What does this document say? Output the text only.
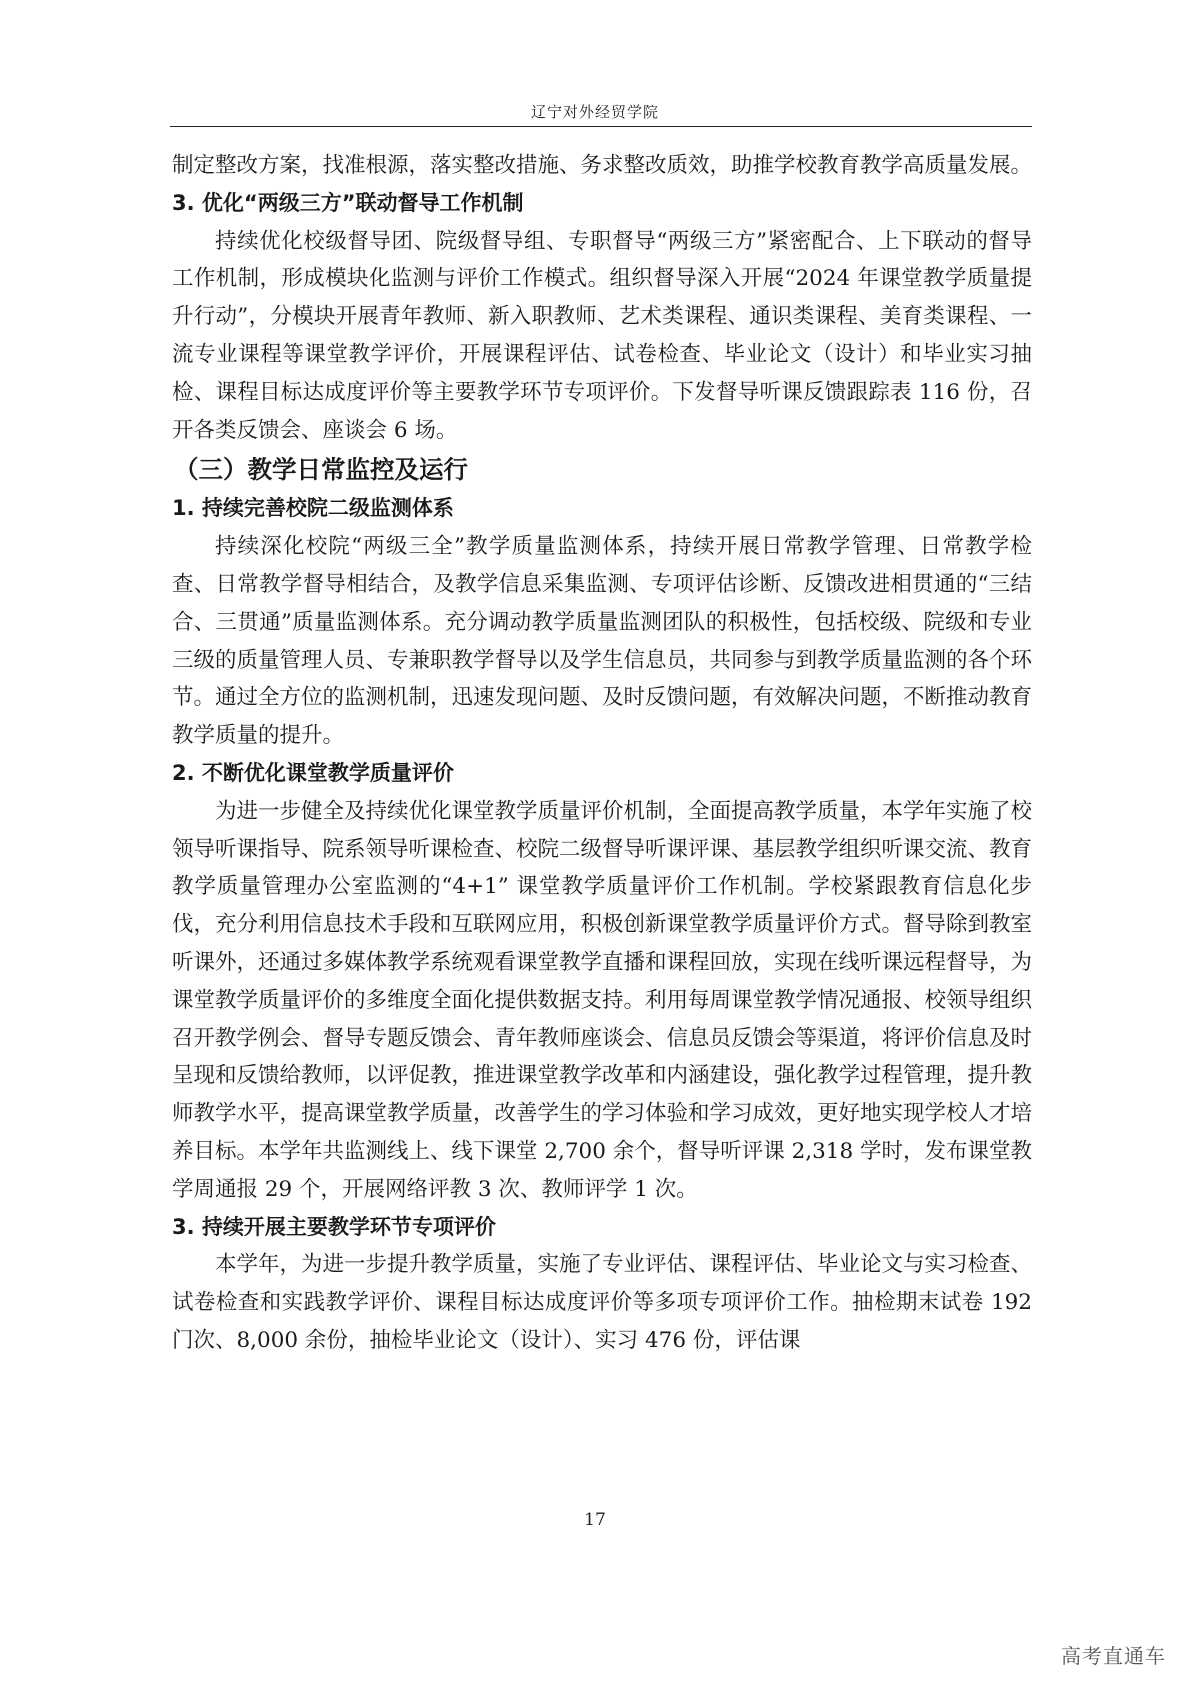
辽宁对外经贸学院

制定整改方案，找准根源，落实整改措施、务求整改质效，助推学校教育教学高质量发展。

3. 优化“两级三方”联动督导工作机制

持续优化校级督导团、院级督导组、专职督导“两级三方”紧密配合、上下联动的督导工作机制，形成模块化监测与评价工作模式。组织督导深入开展“2024 年课堂教学质量提升行动”，分模块开展青年教师、新入职教师、艺术类课程、通识类课程、美育类课程、一流专业课程等课堂教学评价，开展课程评估、试卷检查、毕业论文（设计）和毕业实习抽检、课程目标达成度评价等主要教学环节专项评价。下发督导听课反馈跟踪表 116 份，召开各类反馈会、座谈会 6 场。

（三）教学日常监控及运行

1. 持续完善校院二级监测体系

持续深化校院“两级三全”教学质量监测体系，持续开展日常教学管理、日常教学检查、日常教学督导相结合，及教学信息采集监测、专项评估诊断、反馈改进相贯通的“三结合、三贯通”质量监测体系。充分调动教学质量监测团队的积极性，包括校级、院级和专业三级的质量管理人员、专兼职教学督导以及学生信息员，共同参与到教学质量监测的各个环节。通过全方位的监测机制，迅速发现问题、及时反馈问题，有效解决问题，不断推动教育教学质量的提升。

2. 不断优化课堂教学质量评价

为进一步健全及持续优化课堂教学质量评价机制，全面提高教学质量，本学年实施了校领导听课指导、院系领导听课检查、校院二级督导听课评课、基层教学组织听课交流、教育教学质量管理办公室监测的“4+1” 课堂教学质量评价工作机制。学校紧跟教育信息化步伐，充分利用信息技术手段和互联网应用，积极创新课堂教学质量评价方式。督导除到教室听课外，还通过多媒体教学系统观看课堂教学直播和课程回放，实现在线听课远程督导，为课堂教学质量评价的多维度全面化提供数据支持。利用每周课堂教学情况通报、校领导组织召开教学例会、督导专题反馈会、青年教师座谈会、信息员反馈会等渠道，将评价信息及时呈现和反馈给教师，以评促教，推进课堂教学改革和内涵建设，强化教学过程管理，提升教师教学水平，提高课堂教学质量，改善学生的学习体验和学习成效，更好地实现学校人才培养目标。本学年共监测线上、线下课堂 2,700 余个，督导听评课 2,318 学时，发布课堂教学周通报 29 个，开展网络评教 3 次、教师评学 1 次。

3. 持续开展主要教学环节专项评价

本学年，为进一步提升教学质量，实施了专业评估、课程评估、毕业论文与实习检查、试卷检查和实践教学评价、课程目标达成度评价等多项专项评价工作。抽检期末试卷 192 门次、8,000 余份，抽检毕业论文（设计）、实习 476 份，评估课

17
高考直通车
